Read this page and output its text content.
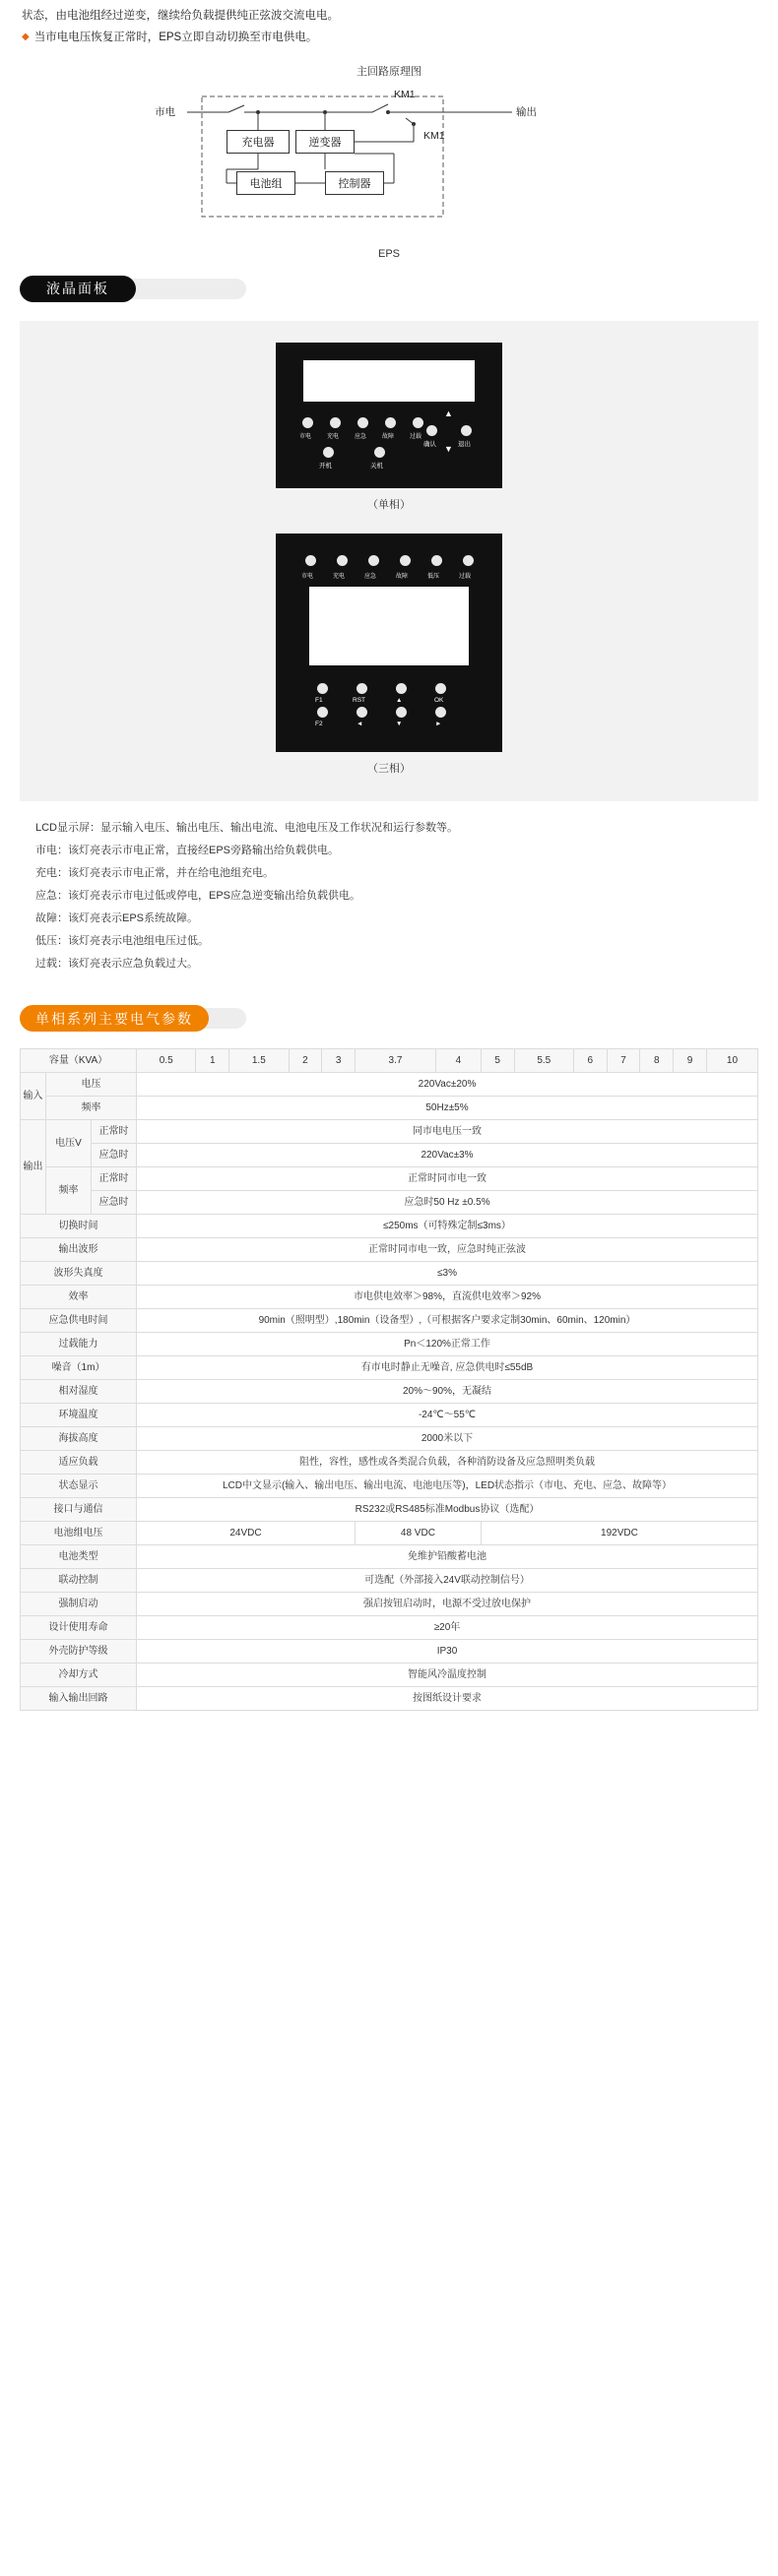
状态，由电池组经过逆变，继续给负载提供纯正弦波交流电电。
◆ 当市电电压恢复正常时，EPS立即自动切换至市电供电。
主回路原理图
市电	输出
KM1
KM1
充电器	逆变器
电池组	控制器
EPS
液晶面板
市电	充电	应急	故障	过载
▲
确认	退出
▼
开机	关机
（单相）
市电	充电	应急	故障	低压	过载
F1	RST	▲	OK
F2	◄	▼	►
（三相）
LCD显示屏：显示输入电压、输出电压、输出电流、电池电压及工作状况和运行参数等。
市电：该灯亮表示市电正常，直接经EPS旁路输出给负载供电。
充电：该灯亮表示市电正常，并在给电池组充电。
应急：该灯亮表示市电过低或停电，EPS应急逆变输出给负载供电。
故障：该灯亮表示EPS系统故障。
低压：该灯亮表示电池组电压过低。
过载：该灯亮表示应急负载过大。
单相系列主要电气参数
容量（KVA）			0.5	1	1.5	2	3	3.7	4	5	5.5	6	7	8	9	10
输入	电压		220Vac±20%													
	频率		50Hz±5%													
输出	电压V	正常时	同市电电压一致													
		应急时	220Vac±3%													
	频率	正常时	正常时同市电一致													
		应急时	应急时50 Hz ±0.5%													
切换时间			≤250ms（可特殊定制≤3ms）													
输出波形			正常时同市电一致，应急时纯正弦波													
波形失真度			≤3%													
效率			市电供电效率＞98%，直流供电效率＞92%													
应急供电时间			90min（照明型）,180min（设备型）,（可根据客户要求定制30min、60min、120min）													
过载能力			Pn＜120%正常工作													
噪音（1m）			有市电时静止无噪音, 应急供电时≤55dB													
相对湿度			20%～90%，无凝结													
环境温度			-24℃～55℃													
海拔高度			2000米以下													
适应负载			阻性，容性，感性或各类混合负载，各种消防设备及应急照明类负载													
状态显示			LCD中文显示(输入、输出电压、输出电流、电池电压等)，LED状态指示（市电、充电、应急、故障等）													
接口与通信			RS232或RS485标准Modbus协议（选配）													
电池组电压			24VDC					48 VDC		192VDC						
电池类型			免维护铅酸蓄电池													
联动控制			可选配（外部接入24V联动控制信号）													
强制启动			强启按钮启动时，电源不受过放电保护													
设计使用寿命			≥20年													
外壳防护等级			IP30													
冷却方式			智能风冷温度控制													
输入输出回路			按图纸设计要求													
